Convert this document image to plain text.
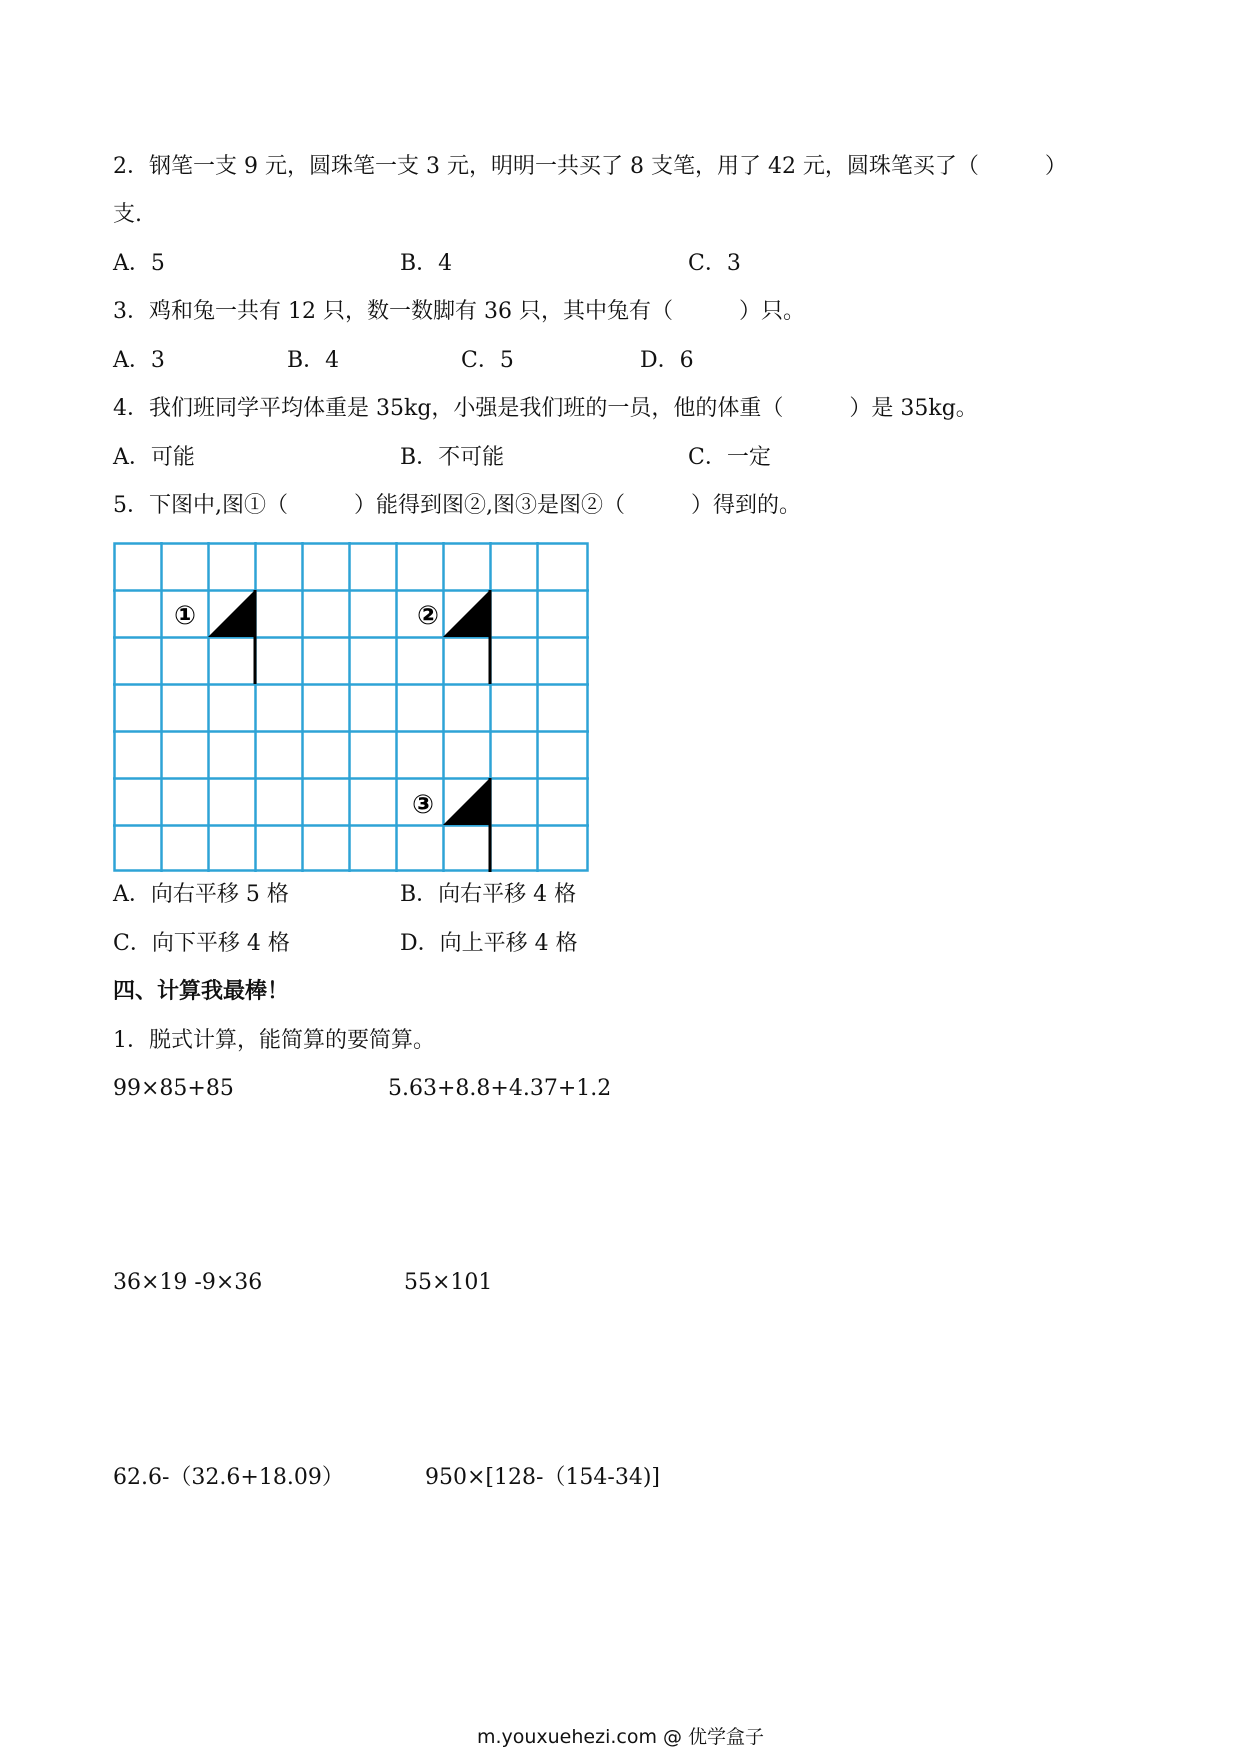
2．钢笔一支 9 元，圆珠笔一支 3 元，明明一共买了 8 支笔，用了 42 元，圆珠笔买了（　　　）
支.
A．5	B．4	C．3
3．鸡和兔一共有 12 只，数一数脚有 36 只，其中兔有（　　　）只。
A．3	B．4	C．5	D．6
4．我们班同学平均体重是 35kg，小强是我们班的一员，他的体重（　　　）是 35kg。
A．可能	B．不可能	C．一定
5．下图中,图①（　　　）能得到图②,图③是图②（　　　）得到的。
①	②
③
A．向右平移 5 格	B．向右平移 4 格
C．向下平移 4 格	D．向上平移 4 格
四、计算我最棒！
1．脱式计算，能简算的要简算。
99×85+85	5.63+8.8+4.37+1.2
36×19 -9×36	55×101
62.6-（32.6+18.09）	950×[128-（154-34)]
m.youxuehezi.com @ 优学盒子
